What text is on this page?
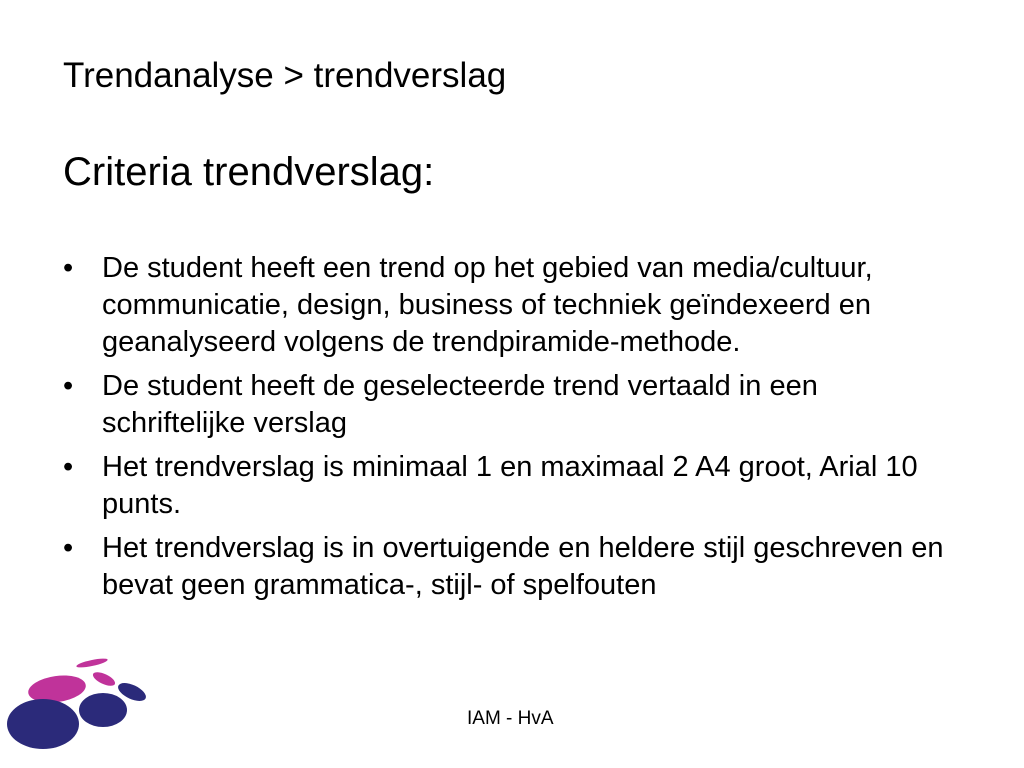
Trendanalyse > trendverslag
Criteria trendverslag:
• De student heeft een trend op het gebied van media/cultuur, communicatie, design, business of techniek geïndexeerd en geanalyseerd volgens de trendpiramide-methode.
• De student heeft de geselecteerde trend vertaald in een schriftelijke verslag
• Het trendverslag is minimaal 1 en maximaal 2 A4 groot, Arial 10 punts.
• Het trendverslag is in overtuigende en heldere stijl geschreven en bevat geen grammatica-, stijl- of spelfouten
IAM - HvA
